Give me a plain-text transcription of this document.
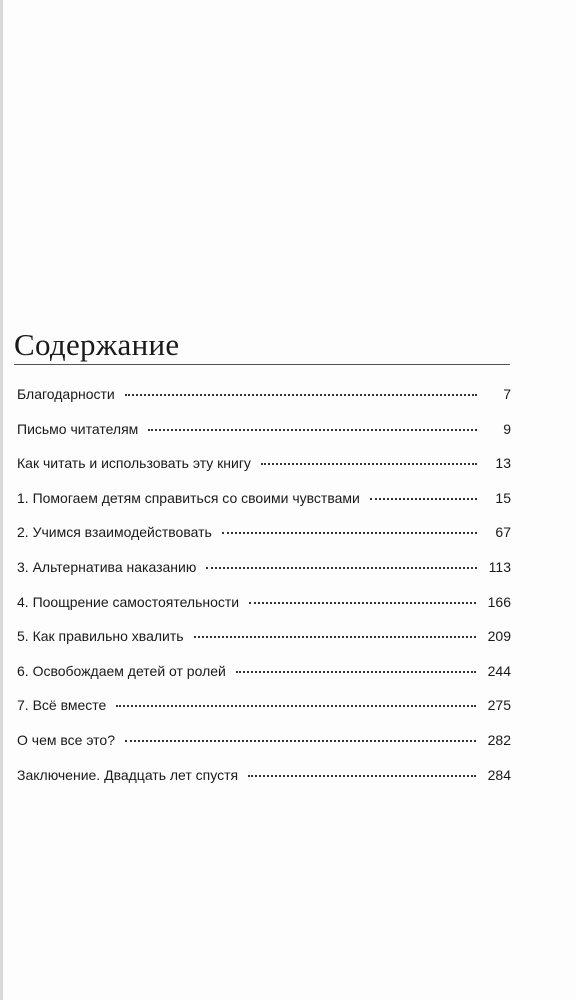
Содержание
Благодарности	7
Письмо читателям	9
Как читать и использовать эту книгу	13
1. Помогаем детям справиться со своими чувствами	15
2. Учимся взаимодействовать	67
3. Альтернатива наказанию	113
4. Поощрение самостоятельности	166
5. Как правильно хвалить	209
6. Освобождаем детей от ролей	244
7. Всё вместе	275
О чем все это?	282
Заключение. Двадцать лет спустя	284
